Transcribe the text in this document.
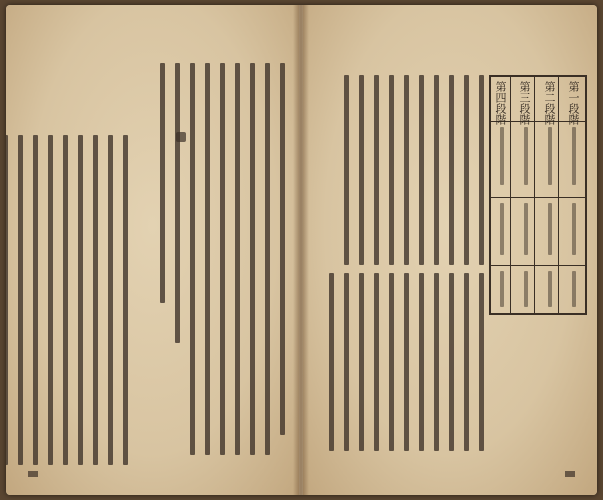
第一段階
第二段階
第三段階
第四段階
